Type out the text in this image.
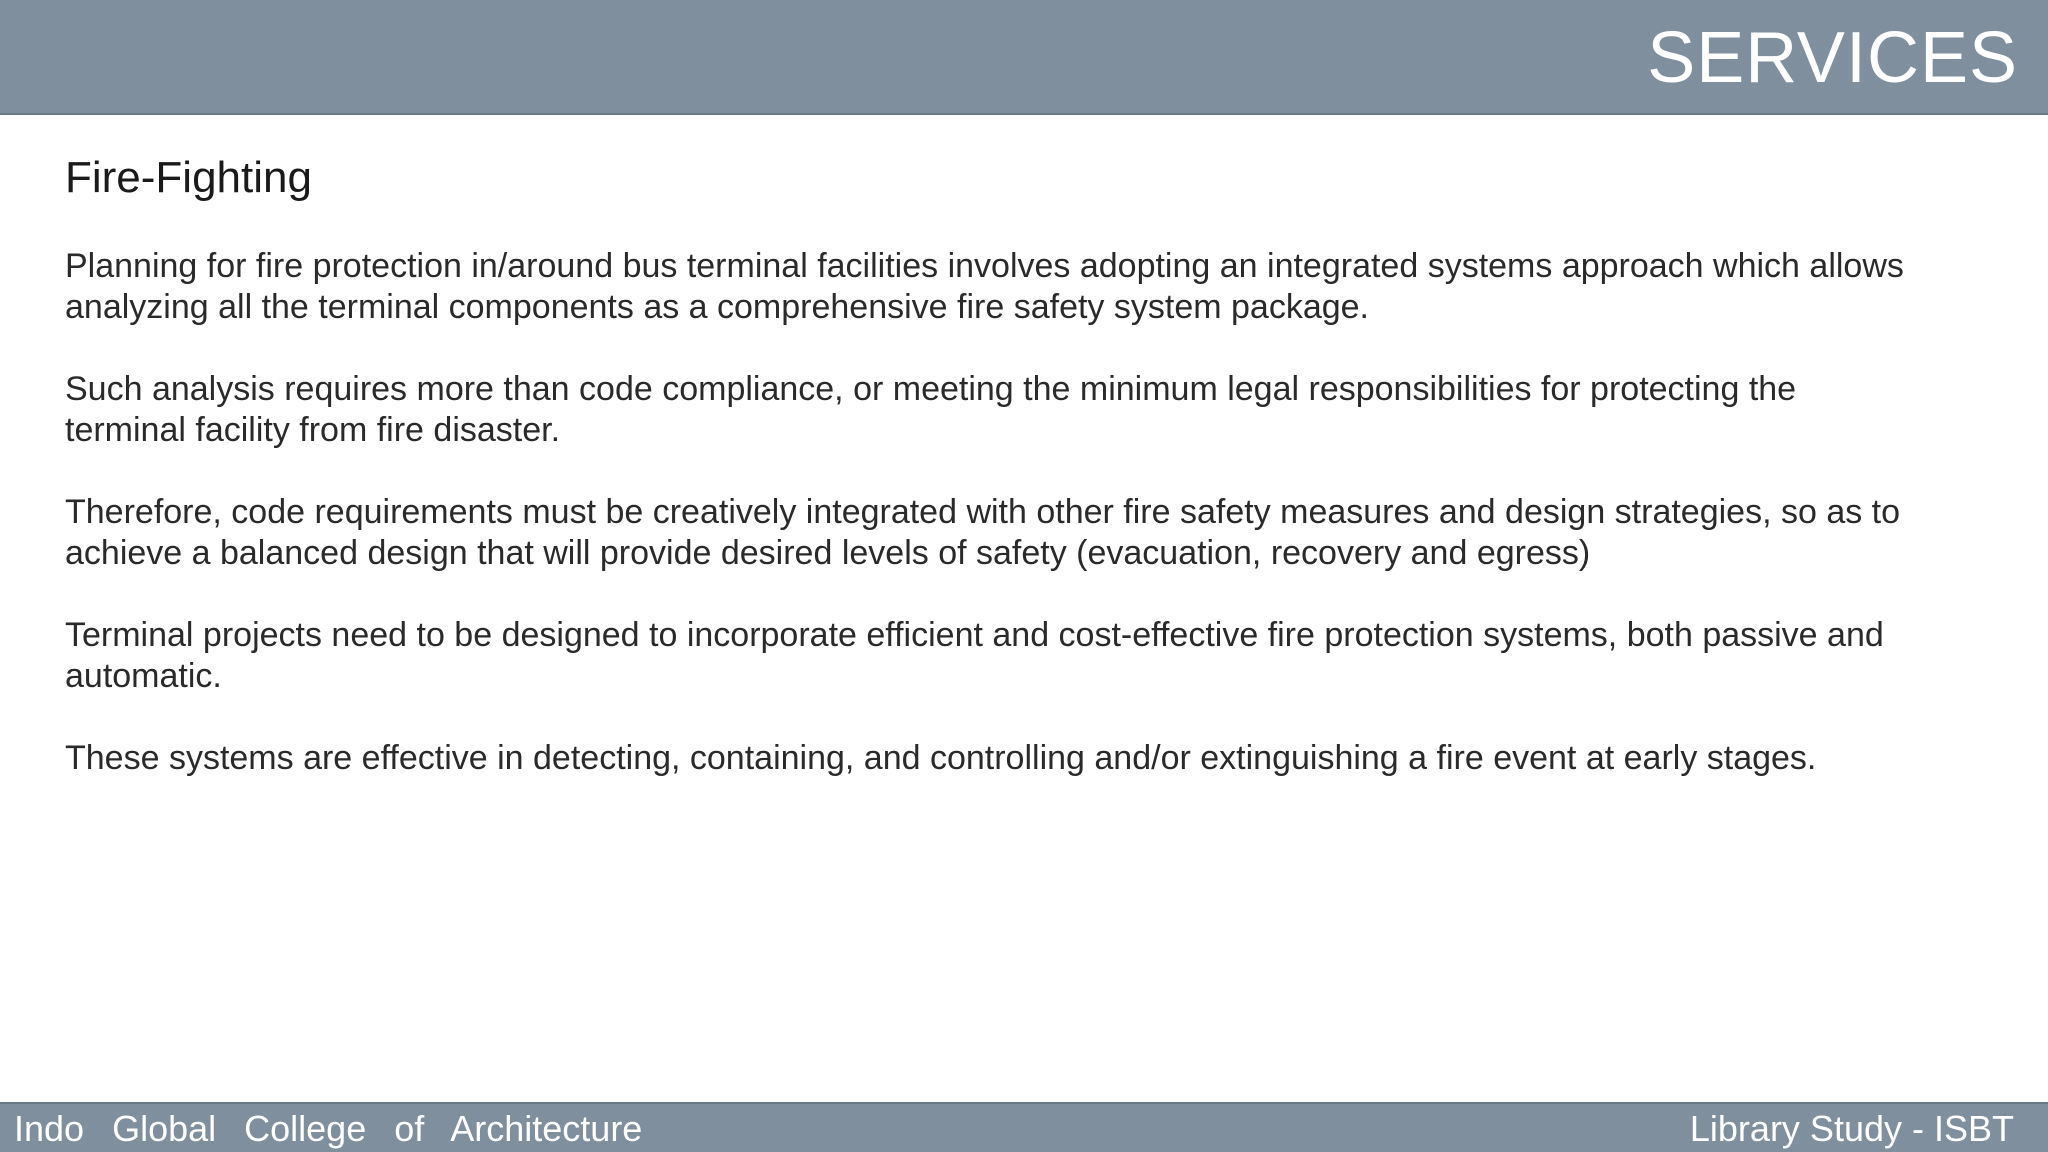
SERVICES
Fire-Fighting

Planning for fire protection in/around bus terminal facilities involves adopting an integrated systems approach which allows analyzing all the terminal components as a comprehensive fire safety system package.

Such analysis requires more than code compliance, or meeting the minimum legal responsibilities for protecting the terminal facility from fire disaster.

Therefore, code requirements must be creatively integrated with other fire safety measures and design strategies, so as to achieve a balanced design that will provide desired levels of safety (evacuation, recovery and egress)

Terminal projects need to be designed to incorporate efficient and cost-effective fire protection systems, both passive and automatic.

These systems are effective in detecting, containing, and controlling and/or extinguishing a fire event at early stages.

Indo Global College of Architecture	Library Study - ISBT
